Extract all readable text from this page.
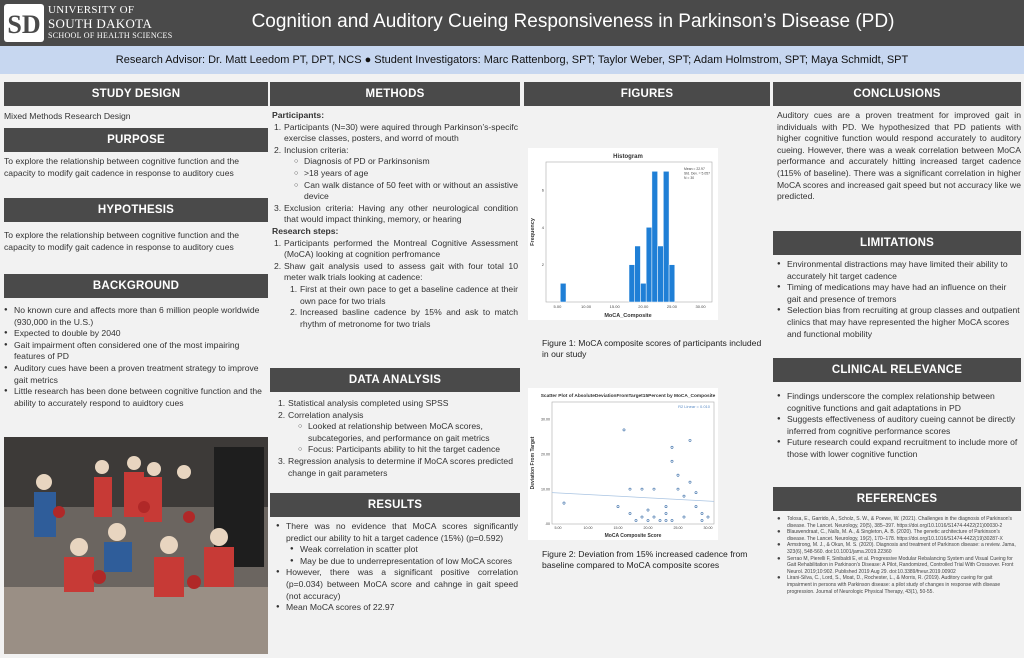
SD UNIVERSITY OF
SOUTH DAKOTA
SCHOOL OF HEALTH SCIENCES
Cognition and Auditory Cueing Responsiveness in Parkinson’s Disease (PD)
Research Advisor: Dr. Matt Leedom PT, DPT, NCS ● Student Investigators: Marc Rattenborg, SPT; Taylor Weber, SPT; Adam Holmstrom, SPT; Maya Schmidt, SPT
STUDY DESIGN
Mixed Methods Research Design
PURPOSE
To explore the relationship between cognitive function and the capacity to modify gait cadence in response to auditory cues
HYPOTHESIS
To explore the relationship between cognitive function and the capacity to modify gait cadence in response to auditory cues
BACKGROUND
● No known cure and affects more than 6 million people worldwide (930,000 in the U.S.)
● Expected to double by 2040
● Gait impairment often considered one of the most impairing features of PD
● Auditory cues have been a proven treatment strategy to improve gait metrics
● Little research has been done between cognitive function and the ability to accurately respond to auidtory cues
METHODS
Participants:
Participants (N=30) were aquired through Parkinson’s-specifc exercise classes, posters, and worrd of mouth
Inclusion criteria:
○ Diagnosis of PD or Parkinsonism
○ >18 years of age
○ Can walk distance of 50 feet with or without an assistive device
Exclusion criteria: Having any other neurological condition that would impact thinking, memory, or hearing
Research steps:
Participants performed the Montreal Cognitive Assessment (MoCA) looking at cognition perfromance
Shaw gait analysis used to assess gait with four total 10 meter walk trials looking at cadence:
First at their own pace to get a baseline cadence at their own pace for two trials
Increased basline cadence by 15% and ask to match rhythm of metronome for two trials
DATA ANALYSIS
Statistical analysis completed using SPSS
Correlation analysis
○ Looked at relationship between MoCA scores, subcategories, and performance on gait metrics
○ Focus: Participants ability to hit the target cadence
Regression analysis to determine if MoCA scores predicted change in gait parameters
RESULTS
● There was no evidence that MoCA scores significantly predict our ability to hit a target cadence (15%) (p=0.592)
● Weak correlation in scatter plot
● May be due to underrepresentation of low MoCA scores
● However, there was a significant positive correlation (p=0.034) between MoCA score and cahnge in gait speed (not accuracy)
● Mean MoCA scores of 22.97
FIGURES
Histogram
5.00	10.00	15.00	20.00	25.00	30.00
2
4
6
MoCA_Composite
Frequency
Mean = 22.97
Std. Dev. = 5.057
N = 30
Figure 1: MoCA composite scores of participants included in our study
Scatter Plot of AbsoluteDeviationFromTarget15Percent by MoCA_Composite
5.00	10.00	15.00	20.00	25.00	30.00
.00
10.00
20.00
30.00
MoCA Composite Score
Deviation From Target
R2 Linear = 0.010
Figure 2: Deviation from 15% increased cadence from baseline compared to MoCA composite scores
CONCLUSIONS
Auditory cues are a proven treatment for improved gait in individuals with PD. We hypothesized that PD patients with higher cognitive function would respond accurately to auditory cueing. However, there was a weak correlation between MoCA performance and accurately hitting increased target cadence (115% of baseline). There was a significant correlation in higher MoCA scores and increased gait speed but not accuracy like we predicted.
LIMITATIONS
● Environmental distractions may have limited their ability to accurately hit target cadence
● Timing of medications may have had an influence on their gait and presence of tremors
● Selection bias from recruiting at group classes and outpatient clinics that may have represented the higher MoCA scores and functional mobility
CLINICAL RELEVANCE
● Findings underscore the complex relationship between cognitive functions and gait adaptations in PD
● Suggests effectiveness of auditory cueing cannot be directly inferred from cognitive performance scores
● Future research could expand recruitment to include more of those with lower cognitive function
REFERENCES
● Tolosa, E., Garrido, A., Scholz, S. W., & Poewe, W. (2021). Challenges in the diagnosis of Parkinson's disease. The Lancet. Neurology, 20(5), 385–397. https://doi.org/10.1016/S1474-4422(21)00030-2
● Blauwendraat, C., Nalls, M. A., & Singleton, A. B. (2020). The genetic architecture of Parkinson's disease. The Lancet. Neurology, 19(2), 170–178. https://doi.org/10.1016/S1474-4422(19)30287-X
● Armstrong, M. J., & Okun, M. S. (2020). Diagnosis and treatment of Parkinson disease: a review. Jama, 323(6), 548-560. doi:10.1001/jama.2019.22360
● Serrao M, Pierelli F, Sinibaldi E, et al. Progressive Modular Rebalancing System and Visual Cueing for Gait Rehabilitation in Parkinson's Disease: A Pilot, Randomized, Controlled Trial With Crossover. Front Neurol. 2019;10:902. Published 2019 Aug 29. doi:10.3389/fneur.2019.00902
● Lirani-Silva, C., Lord, S., Moat, D., Rochester, L., & Morris, R. (2019). Auditory cueing for gait impairment in persons with Parkinson disease: a pilot study of changes in response with disease progression. Journal of Neurologic Physical Therapy, 43(1), 50-55.
